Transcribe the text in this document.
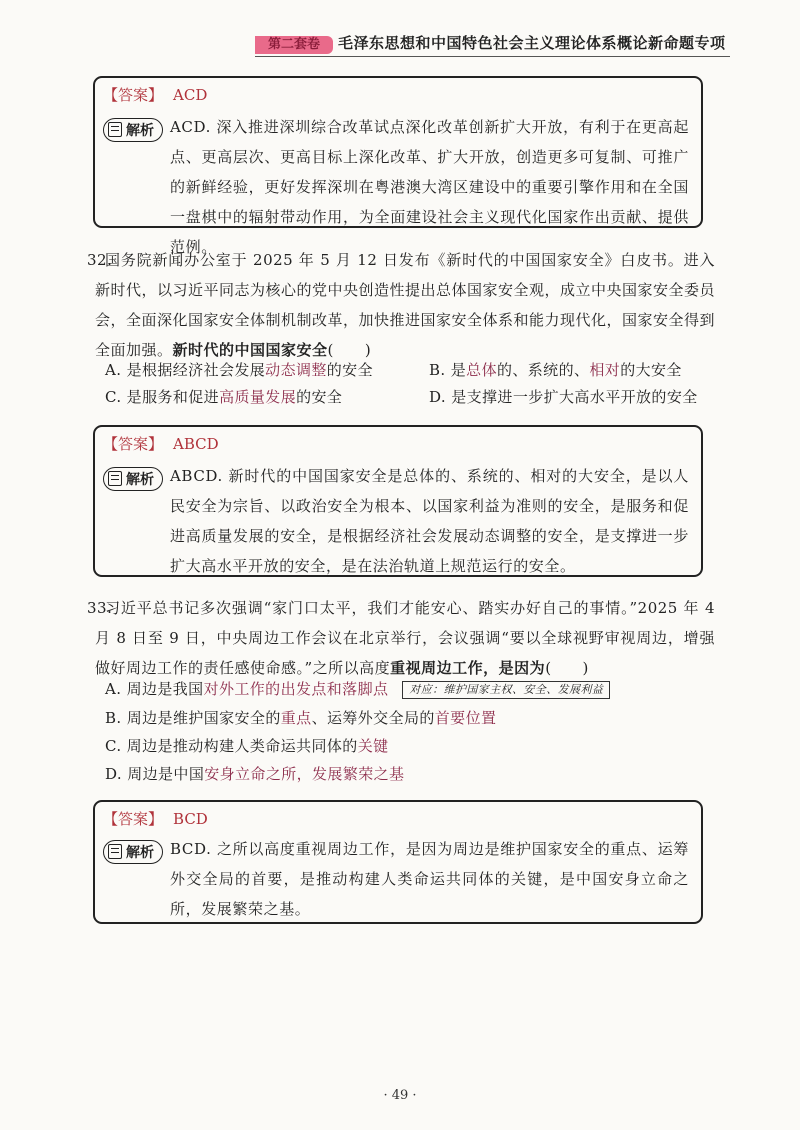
第二套卷	毛泽东思想和中国特色社会主义理论体系概论新命题专项
【答案】 ACD
解析	ACD. 深入推进深圳综合改革试点深化改革创新扩大开放，有利于在更高起点、更高层次、更高目标上深化改革、扩大开放，创造更多可复制、可推广的新鲜经验，更好发挥深圳在粤港澳大湾区建设中的重要引擎作用和在全国一盘棋中的辐射带动作用，为全面建设社会主义现代化国家作出贡献、提供范例。
32.
国务院新闻办公室于 2025 年 5 月 12 日发布《新时代的中国国家安全》白皮书。进入新时代，以习近平同志为核心的党中央创造性提出总体国家安全观，成立中央国家安全委员会，全面深化国家安全体制机制改革，加快推进国家安全体系和能力现代化，国家安全得到全面加强。新时代的中国国家安全(　　)
A. 是根据经济社会发展动态调整的安全	B. 是总体的、系统的、相对的大安全
C. 是服务和促进高质量发展的安全	D. 是支撑进一步扩大高水平开放的安全
【答案】 ABCD
解析	ABCD. 新时代的中国国家安全是总体的、系统的、相对的大安全，是以人民安全为宗旨、以政治安全为根本、以国家利益为准则的安全，是服务和促进高质量发展的安全，是根据经济社会发展动态调整的安全，是支撑进一步扩大高水平开放的安全，是在法治轨道上规范运行的安全。
33.
习近平总书记多次强调“家门口太平，我们才能安心、踏实办好自己的事情。”2025 年 4 月 8 日至 9 日，中央周边工作会议在北京举行，会议强调“要以全球视野审视周边，增强做好周边工作的责任感使命感。”之所以高度重视周边工作，是因为(　　)
A. 周边是我国对外工作的出发点和落脚点 对应：维护国家主权、安全、发展利益
B. 周边是维护国家安全的重点、运筹外交全局的首要位置
C. 周边是推动构建人类命运共同体的关键
D. 周边是中国安身立命之所，发展繁荣之基
【答案】 BCD
解析	BCD. 之所以高度重视周边工作，是因为周边是维护国家安全的重点、运筹外交全局的首要，是推动构建人类命运共同体的关键，是中国安身立命之所，发展繁荣之基。
· 49 ·
